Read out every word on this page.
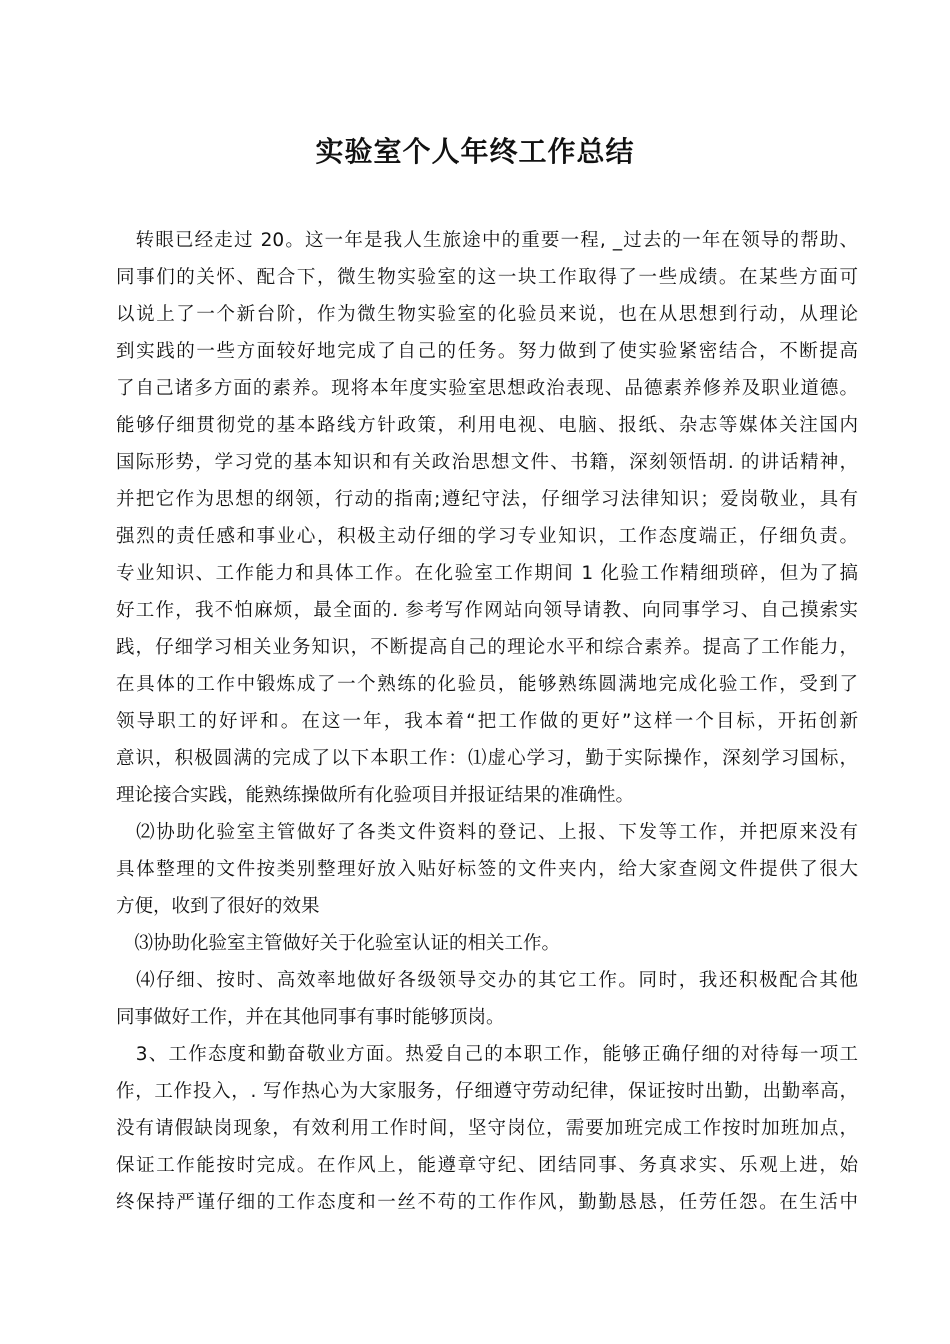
实验室个人年终工作总结
　转眼已经走过 20。这一年是我人生旅途中的重要一程, _过去的一年在领导的帮助、
同事们的关怀、配合下，微生物实验室的这一块工作取得了一些成绩。在某些方面可
以说上了一个新台阶，作为微生物实验室的化验员来说，也在从思想到行动，从理论
到实践的一些方面较好地完成了自己的任务。努力做到了使实验紧密结合，不断提高
了自己诸多方面的素养。现将本年度实验室思想政治表现、品德素养修养及职业道德。
能够仔细贯彻党的基本路线方针政策，利用电视、电脑、报纸、杂志等媒体关注国内
国际形势，学习党的基本知识和有关政治思想文件、书籍，深刻领悟胡. 的讲话精神，
并把它作为思想的纲领，行动的指南;遵纪守法，仔细学习法律知识；爱岗敬业，具有
强烈的责任感和事业心，积极主动仔细的学习专业知识，工作态度端正，仔细负责。
专业知识、工作能力和具体工作。在化验室工作期间 1 化验工作精细琐碎，但为了搞
好工作，我不怕麻烦，最全面的. 参考写作网站向领导请教、向同事学习、自己摸索实
践，仔细学习相关业务知识，不断提高自己的理论水平和综合素养。提高了工作能力，
在具体的工作中锻炼成了一个熟练的化验员，能够熟练圆满地完成化验工作，受到了
领导职工的好评和。在这一年，我本着“把工作做的更好”这样一个目标，开拓创新
意识，积极圆满的完成了以下本职工作：⑴虚心学习，勤于实际操作，深刻学习国标，
理论接合实践，能熟练操做所有化验项目并报证结果的准确性。
　⑵协助化验室主管做好了各类文件资料的登记、上报、下发等工作，并把原来没有
具体整理的文件按类别整理好放入贴好标签的文件夹内，给大家查阅文件提供了很大
方便，收到了很好的效果
　⑶协助化验室主管做好关于化验室认证的相关工作。
　⑷仔细、按时、高效率地做好各级领导交办的其它工作。同时，我还积极配合其他
同事做好工作，并在其他同事有事时能够顶岗。
　3、工作态度和勤奋敬业方面。热爱自己的本职工作，能够正确仔细的对待每一项工
作，工作投入，. 写作热心为大家服务，仔细遵守劳动纪律，保证按时出勤，出勤率高，
没有请假缺岗现象，有效利用工作时间，坚守岗位，需要加班完成工作按时加班加点，
保证工作能按时完成。在作风上，能遵章守纪、团结同事、务真求实、乐观上进，始
终保持严谨仔细的工作态度和一丝不苟的工作作风，勤勤恳恳，任劳任怨。在生活中
